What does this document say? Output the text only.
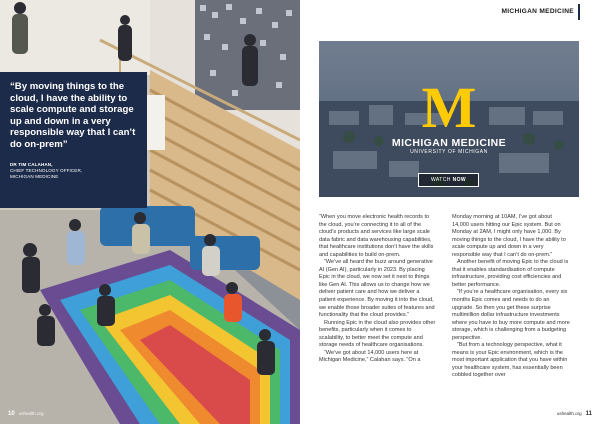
“By moving things to the cloud, I have the ability to scale compute and storage up and down in a very responsible way that I can’t do on-prem”

DR TIM CALAHAN,
CHIEF TECHNOLOGY OFFICER,
MICHIGAN MEDICINE
10 ushealth.org
MICHIGAN MEDICINE
M
MICHIGAN MEDICINE
UNIVERSITY OF MICHIGAN
WATCH NOW

“When you move electronic health records to the cloud, you’re connecting it to all of the cloud’s products and services like large scale data fabric and data warehousing capabilities, that healthcare institutions don’t have the skills and capabilities to build on-prem.

“We’ve all heard the buzz around generative AI (Gen AI), particularly in 2023. By placing Epic in the cloud, we now set it next to things like Gen AI. This allows us to change how we deliver patient care and how we deliver a patient experience. By moving it into the cloud, we enable those broader suites of features and functionality that the cloud provides.”

Running Epic in the cloud also provides other benefits, particularly when it comes to scalability, to better meet the compute and storage needs of healthcare organisations.

“We’ve got about 14,000 users here at Michigan Medicine,” Calahan says. “On a

Monday morning at 10AM, I’ve got about 14,000 users hitting our Epic system. But on Monday at 2AM, I might only have 1,000. By moving things to the cloud, I have the ability to scale compute up and down in a very responsible way that I can’t do on-prem.”

Another benefit of moving Epic to the cloud is that it enables standardisation of compute infrastructure, providing cost efficiencies and better performance.

“If you’re a healthcare organisation, every six months Epic comes and needs to do an upgrade. So then you get these surprise multimillion dollar infrastructure investments where you have to buy more compute and more storage, which is challenging from a budgeting perspective.

“But from a technology perspective, what it means is your Epic environment, which is the most important application that you have within your healthcare system, has essentially been cobbled together over

ushealth.org 11
